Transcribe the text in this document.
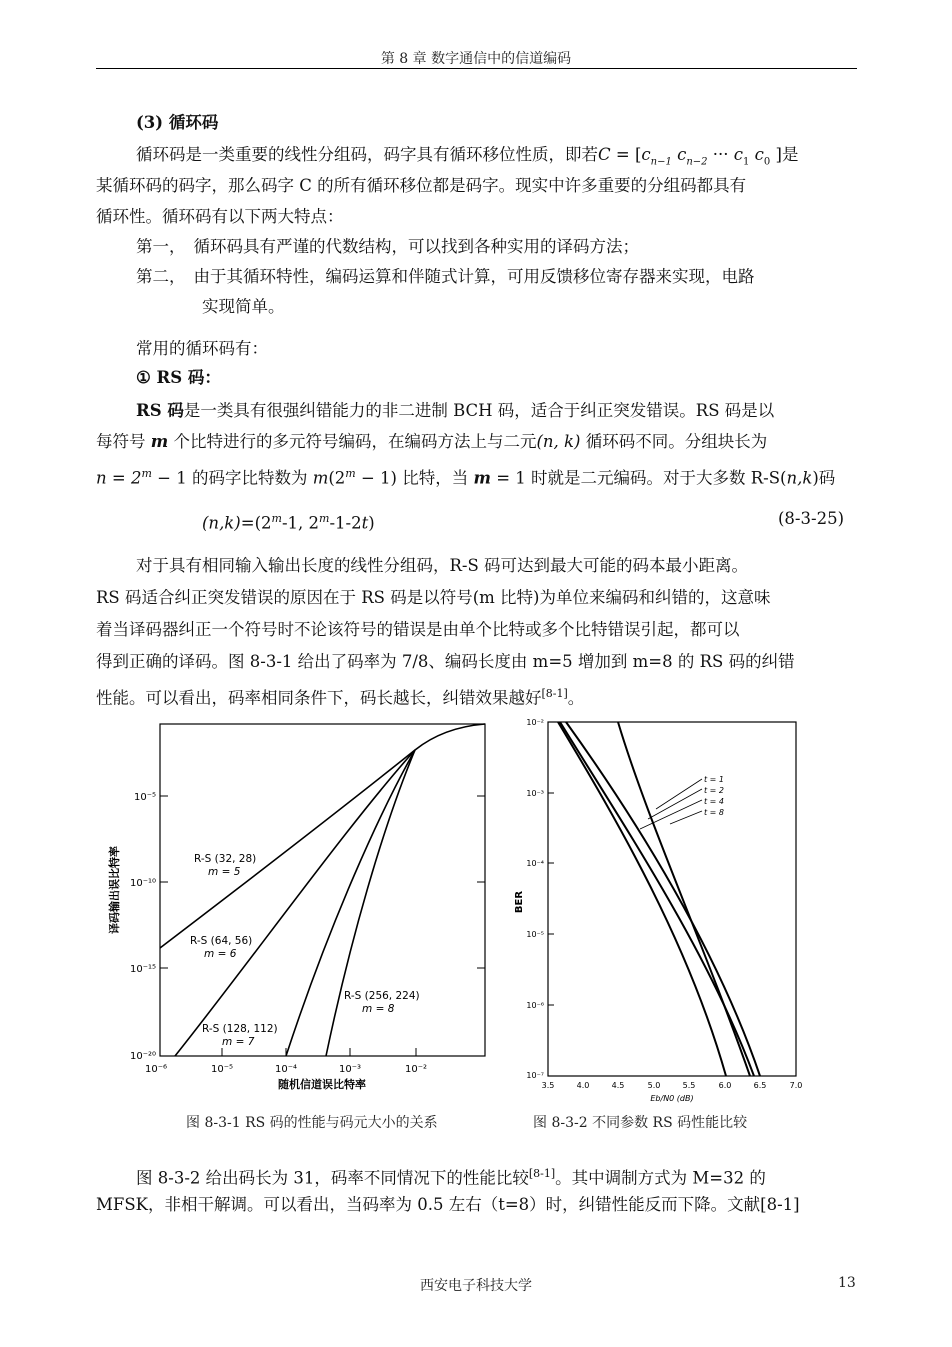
第 8 章 数字通信中的信道编码
(3) 循环码
循环码是一类重要的线性分组码，码字具有循环移位性质，即若$C = [c_{n-1}$ $c_{n-2}$ ··· $c_1$ $c_0$ ]是
某循环码的码字，那么码字 C 的所有循环移位都是码字。现实中许多重要的分组码都具有
循环性。循环码有以下两大特点：
第一， 循环码具有严谨的代数结构，可以找到各种实用的译码方法；
第二， 由于其循环特性，编码运算和伴随式计算，可用反馈移位寄存器来实现，电路
实现简单。
常用的循环码有：
① RS 码：
RS 码是一类具有很强纠错能力的非二进制 BCH 码，适合于纠正突发错误。RS 码是以
每符号 m 个比特进行的多元符号编码，在编码方法上与二元(n, k) 循环码不同。分组块长为
$n = 2^m - 1$ 的码字比特数为 $m(2^m - 1)$ 比特，当 m = 1 时就是二元编码。对于大多数 R-S(n,k)码
$(n,k)=(2^m-1$, 2$^m$-1-2t)	(8-3-25)
对于具有相同输入输出长度的线性分组码，R-S 码可达到最大可能的码本最小距离。
RS 码适合纠正突发错误的原因在于 RS 码是以符号(m 比特)为单位来编码和纠错的，这意味
着当译码器纠正一个符号时不论该符号的错误是由单个比特或多个比特错误引起，都可以
得到正确的译码。图 8-3-1 给出了码率为 7/8、编码长度由 m=5 增加到 m=8 的 RS 码的纠错
性能。可以看出，码率相同条件下，码长越长，纠错效果越好[8-1]。
10⁻⁵
10⁻¹⁰
10⁻¹⁵
10⁻²⁰
10⁻⁶	10⁻⁵	10⁻⁴	10⁻³	10⁻²
随机信道误比特率
译码输出误比特率	R-S (32, 28)
m = 5
R-S (64, 56)
m = 6
R-S (256, 224)
m = 8
R-S (128, 112)
m = 7
10⁻²
10⁻³
10⁻⁴
10⁻⁵
10⁻⁶
10⁻⁷
3.5	4.0	4.5	5.0	5.5	6.0	6.5	7.0
Eb/N0 (dB)
BER
t = 1
t = 2
t = 4
t = 8
图 8-3-1 RS 码的性能与码元大小的关系	图 8-3-2 不同参数 RS 码性能比较
图 8-3-2 给出码长为 31，码率不同情况下的性能比较[8-1]。其中调制方式为 M=32 的
MFSK，非相干解调。可以看出，当码率为 0.5 左右（t=8）时，纠错性能反而下降。文献[8-1]
西安电子科技大学	13
